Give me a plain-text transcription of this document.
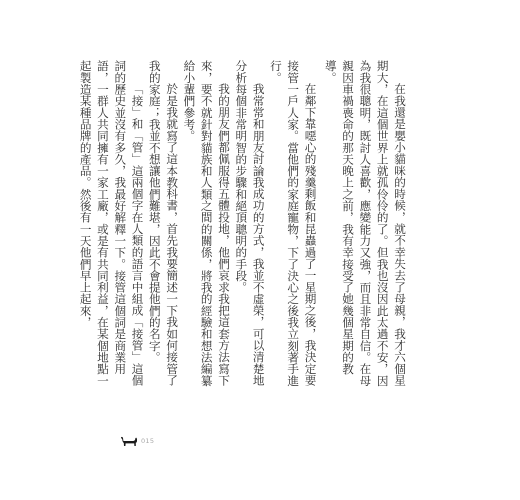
在我還是嬰小貓咪的時候，就不幸失去了母親，我才六個星期大，在這個世界上就孤伶伶的了。但我也沒因此太過不安，因為我很聰明，既討人喜歡，應變能力又強，而且非常自信。在母親因車禍喪命的那天晚上之前，我有幸接受了她幾個星期的教導。

在鄰下靠噁心的殘羹剩飯和昆蟲過了一星期之後，我決定要接管一戶人家。當他們的家庭寵物，下了決心之後我立刻著手進行。

我常常和朋友討論我成功的方式，我並不虛榮，可以清楚地分析每個非常明智的步驟和絕頂聰明的手段。

我的朋友們都佩服得五體投地，他們哀求我把這套方法寫下來，要不就針對貓族和人類之間的關係，將我的經驗和想法編纂給小輩們參考。

於是我就寫了這本教科書，首先我要簡述一下我如何接管了我的家庭；我並不想讓他們難堪，因此不會提他們的名字。

「接」和「管」這兩個字在人類的語言中組成「接管」這個詞的歷史並沒有多久，我最好解釋一下。接管這個詞是商業用語，一群人共同擁有一家工廠，或是有共同利益，在某個地點一起製造某種品牌的產品。然後有一天他們早上起來，

015
